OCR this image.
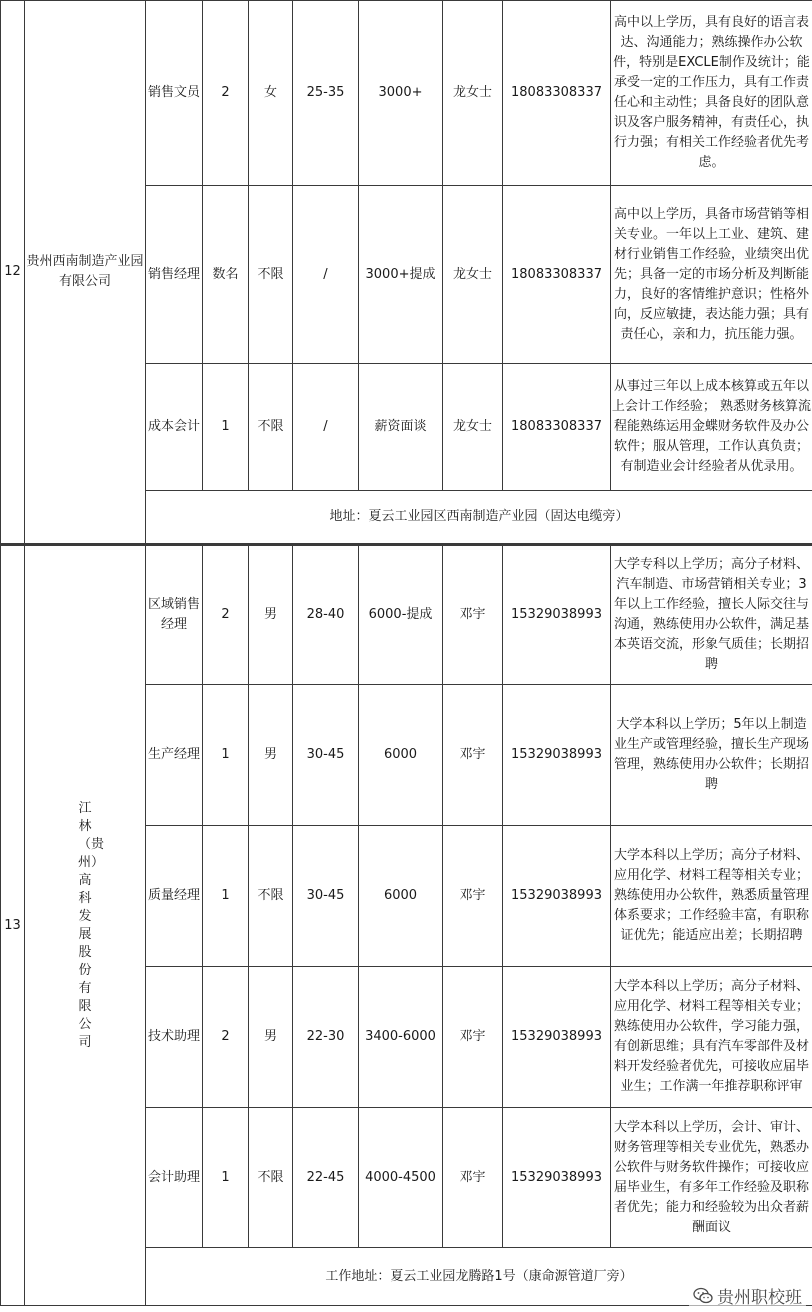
12	贵州西南制造产业园有限公司	销售文员	2	女	25-35	3000+	龙女士	18083308337	高中以上学历，具有良好的语言表达、沟通能力；熟练操作办公软件，特别是EXCLE制作及统计；能承受一定的工作压力，具有工作责任心和主动性；具备良好的团队意识及客户服务精神，有责任心，执行力强；有相关工作经验者优先考虑。
		销售经理	数名	不限	/	3000+提成	龙女士	18083308337	高中以上学历，具备市场营销等相关专业。一年以上工业、建筑、建材行业销售工作经验，业绩突出优先；具备一定的市场分析及判断能力，良好的客情维护意识；性格外向，反应敏捷，表达能力强；具有责任心，亲和力，抗压能力强。
		成本会计	1	不限	/	薪资面谈	龙女士	18083308337	从事过三年以上成本核算或五年以上会计工作经验； 熟悉财务核算流程能熟练运用金蝶财务软件及办公软件；服从管理，工作认真负责；有制造业会计经验者从优录用。
		地址：夏云工业园区西南制造产业园（固达电缆旁）							
13	江林（贵州）高科发展股份有限公司	区域销售经理	2	男	28-40	6000-提成	邓宇	15329038993	大学专科以上学历；高分子材料、汽车制造、市场营销相关专业；3年以上工作经验，擅长人际交往与沟通，熟练使用办公软件，满足基本英语交流，形象气质佳；长期招聘
		生产经理	1	男	30-45	6000	邓宇	15329038993	大学本科以上学历；5年以上制造业生产或管理经验，擅长生产现场管理，熟练使用办公软件；长期招聘
		质量经理	1	不限	30-45	6000	邓宇	15329038993	大学本科以上学历；高分子材料、应用化学、材料工程等相关专业；熟练使用办公软件，熟悉质量管理体系要求；工作经验丰富，有职称证优先；能适应出差；长期招聘
		技术助理	2	男	22-30	3400-6000	邓宇	15329038993	大学本科以上学历；高分子材料、应用化学、材料工程等相关专业；熟练使用办公软件，学习能力强，有创新思维；具有汽车零部件及材料开发经验者优先，可接收应届毕业生；工作满一年推荐职称评审
		会计助理	1	不限	22-45	4000-4500	邓宇	15329038993	大学本科以上学历，会计、审计、财务管理等相关专业优先，熟悉办公软件与财务软件操作；可接收应届毕业生，有多年工作经验及职称者优先；能力和经验较为出众者薪酬面议
		工作地址：夏云工业园龙腾路1号（康命源管道厂旁）							
贵州职校班
